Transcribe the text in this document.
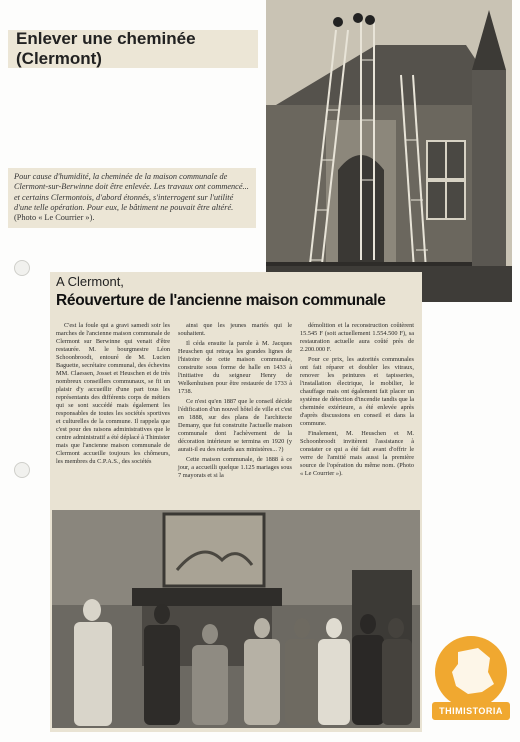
Enlever une cheminée (Clermont)
Pour cause d'humidité, la cheminée de la maison communale de Clermont-sur-Berwinne doit être enlevée. Les travaux ont commencé... et certains Clermontois, d'abord étonnés, s'interrogent sur l'utilité d'une telle opération. Pour eux, le bâtiment ne pouvait être altéré. (Photo « Le Courrier »).
A Clermont,
Réouverture de l'ancienne maison communale

C'est la foule qui a gravi samedi soir les marches de l'ancienne maison communale de Clermont sur Berwinne qui venait d'être restaurée. M. le bourgmestre Léon Schoonbroodt, entouré de M. Lucien Baguette, secrétaire communal, des échevins MM. Claessen, Josset et Heuschen et de très nombreux conseillers communaux, se fit un plaisir d'y accueillir d'une part tous les représentants des différents corps de métiers qui se sont succédé mais également les responsables de toutes les sociétés sportives et culturelles de la commune. Il rappela que c'est pour des raisons administratives que le centre administratif a été déplacé à Thimister mais que l'ancienne maison communale de Clermont accueille toujours les chômeurs, les membres du C.P.A.S., des sociétés

ainsi que les jeunes mariés qui le souhaitent.

Il céda ensuite la parole à M. Jacques Heuschen qui retraça les grandes lignes de l'histoire de cette maison communale, construite sous forme de halle en 1433 à l'initiative du seigneur Henry de Welkenhuisen pour être restaurée de 1733 à 1738.

Ce n'est qu'en 1887 que le conseil décide l'édification d'un nouvel hôtel de ville et c'est en 1888, sur des plans de l'architecte Demany, que fut construite l'actuelle maison communale dont l'achèvement de la décoration intérieure se termina en 1920 (y aurait-il eu des retards aux ministères... ?)

Cette maison communale, de 1888 à ce jour, a accueilli quelque 1.125 mariages sous 7 mayorats et si la

démolition et la reconstruction coûtèrent 15.545 F (soit actuellement 1.554.500 F), sa restauration actuelle aura coûté près de 2.200.000 F.

Pour ce prix, les autorités communales ont fait réparer et doubler les vitraux, renover les peintures et tapisseries, l'installation électrique, le mobilier, le chauffage mais ont également fait placer un système de détection d'incendie tandis que la cheminée extérieure, a été enlevée après d'après discussions en conseil et dans la commune.

Finalement, M. Heuschen et M. Schoonbroodt invitèrent l'assistance à constater ce qui a été fait avant d'offrir le verre de l'amitié mais aussi la première source de l'opération du même nom. (Photo « Le Courrier »).

THIMISTORIA
